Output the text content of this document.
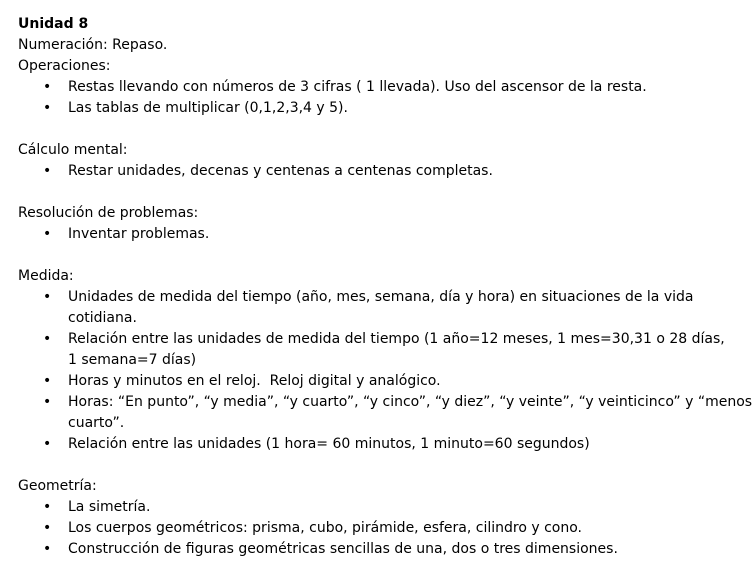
Unidad 8
Numeración: Repaso.
Operaciones:
• Restas llevando con números de 3 cifras ( 1 llevada). Uso del ascensor de la resta.
• Las tablas de multiplicar (0,1,2,3,4 y 5).
Cálculo mental:
• Restar unidades, decenas y centenas a centenas completas.
Resolución de problemas:
• Inventar problemas.
Medida:
• Unidades de medida del tiempo (año, mes, semana, día y hora) en situaciones de la vida cotidiana.
• Relación entre las unidades de medida del tiempo (1 año=12 meses, 1 mes=30,31 o 28 días,
1 semana=7 días)
• Horas y minutos en el reloj.  Reloj digital y analógico.
• Horas: “En punto”, “y media”, “y cuarto”, “y cinco”, “y diez”, “y veinte”, “y veinticinco” y “menos
cuarto”.
• Relación entre las unidades (1 hora= 60 minutos, 1 minuto=60 segundos)
Geometría:
• La simetría.
• Los cuerpos geométricos: prisma, cubo, pirámide, esfera, cilindro y cono.
• Construcción de figuras geométricas sencillas de una, dos o tres dimensiones.
